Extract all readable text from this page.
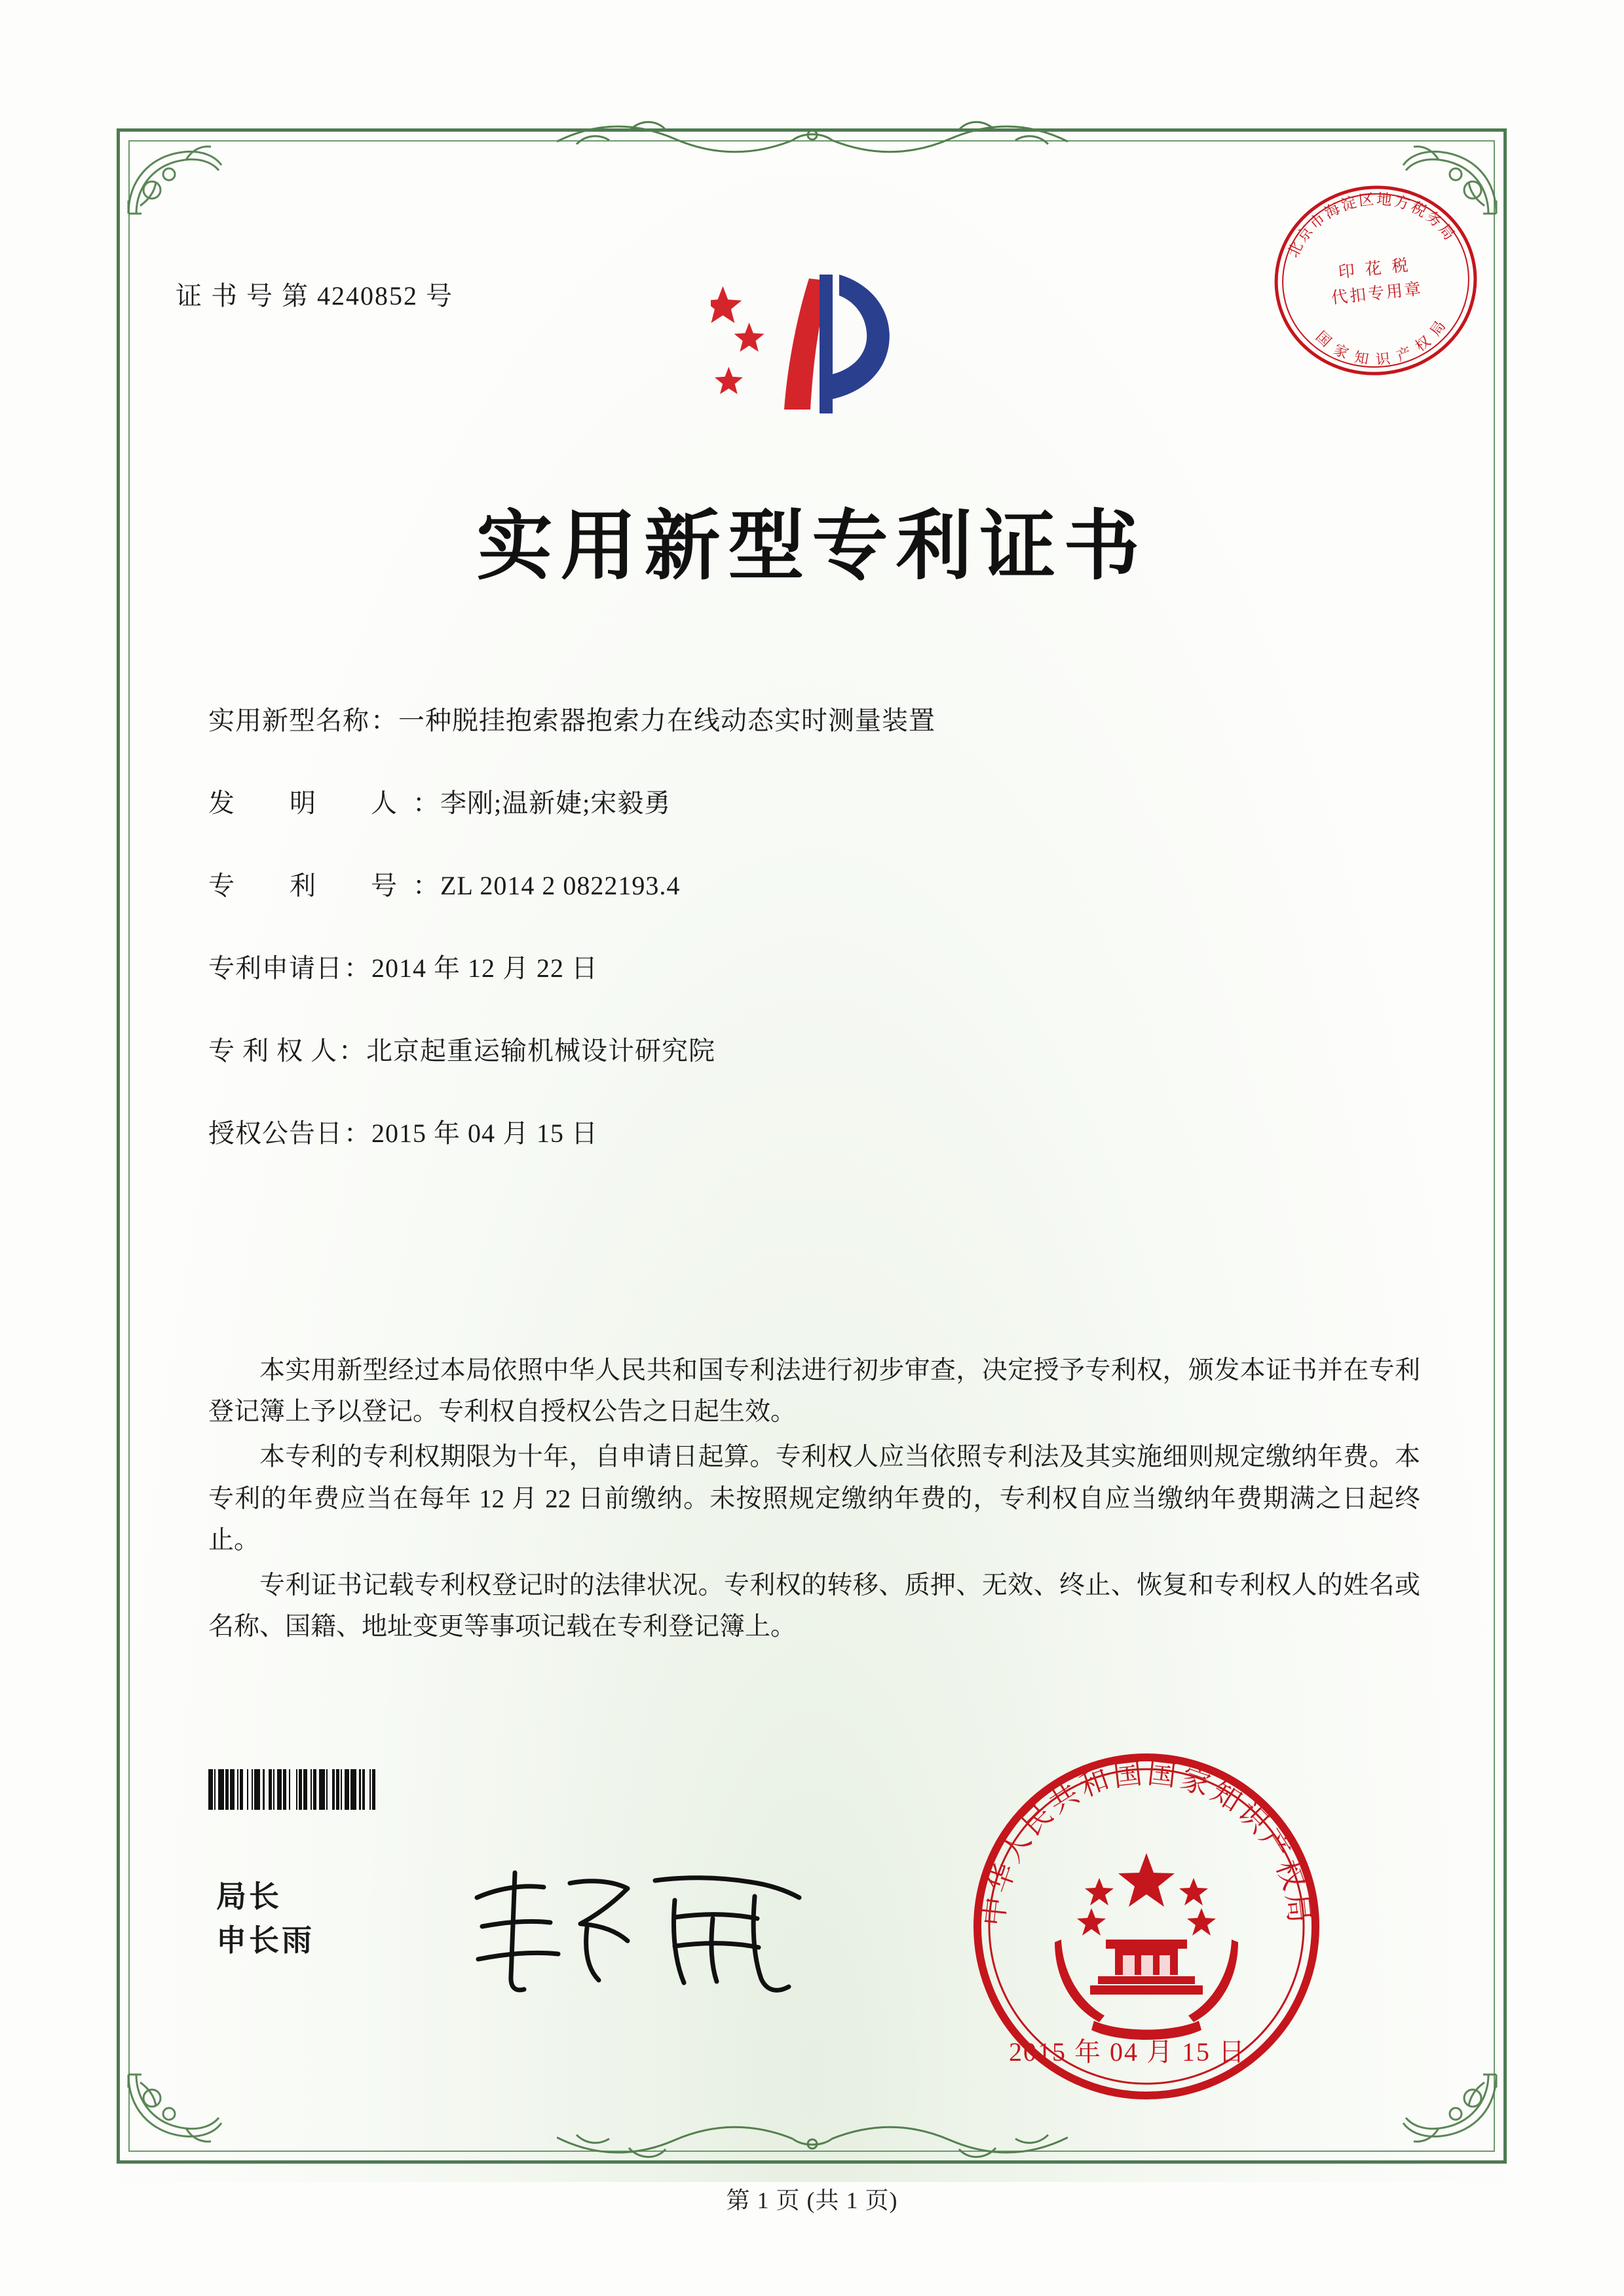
证 书 号 第 4240852 号
北京市海淀区地方税务局
国 家 知 识 产 权 局
印 花 税
代扣专用章
实用新型专利证书
实用新型名称 ： 一种脱挂抱索器抱索力在线动态实时测量装置
发　明　人 ： 李刚;温新婕;宋毅勇
专　利　号 ： ZL 2014 2 0822193.4
专利申请日 ： 2014 年 12 月 22 日
专 利 权 人 ： 北京起重运输机械设计研究院
授权公告日 ： 2015 年 04 月 15 日

本实用新型经过本局依照中华人民共和国专利法进行初步审查，决定授予专利权，颁发本证书并在专利登记簿上予以登记。专利权自授权公告之日起生效。

本专利的专利权期限为十年，自申请日起算。专利权人应当依照专利法及其实施细则规定缴纳年费。本专利的年费应当在每年 12 月 22 日前缴纳。未按照规定缴纳年费的，专利权自应当缴纳年费期满之日起终止。

专利证书记载专利权登记时的法律状况。专利权的转移、质押、无效、终止、恢复和专利权人的姓名或名称、国籍、地址变更等事项记载在专利登记簿上。

局长
申长雨
中华人民共和国国家知识产权局
2015 年 04 月 15 日
第 1 页 (共 1 页)
